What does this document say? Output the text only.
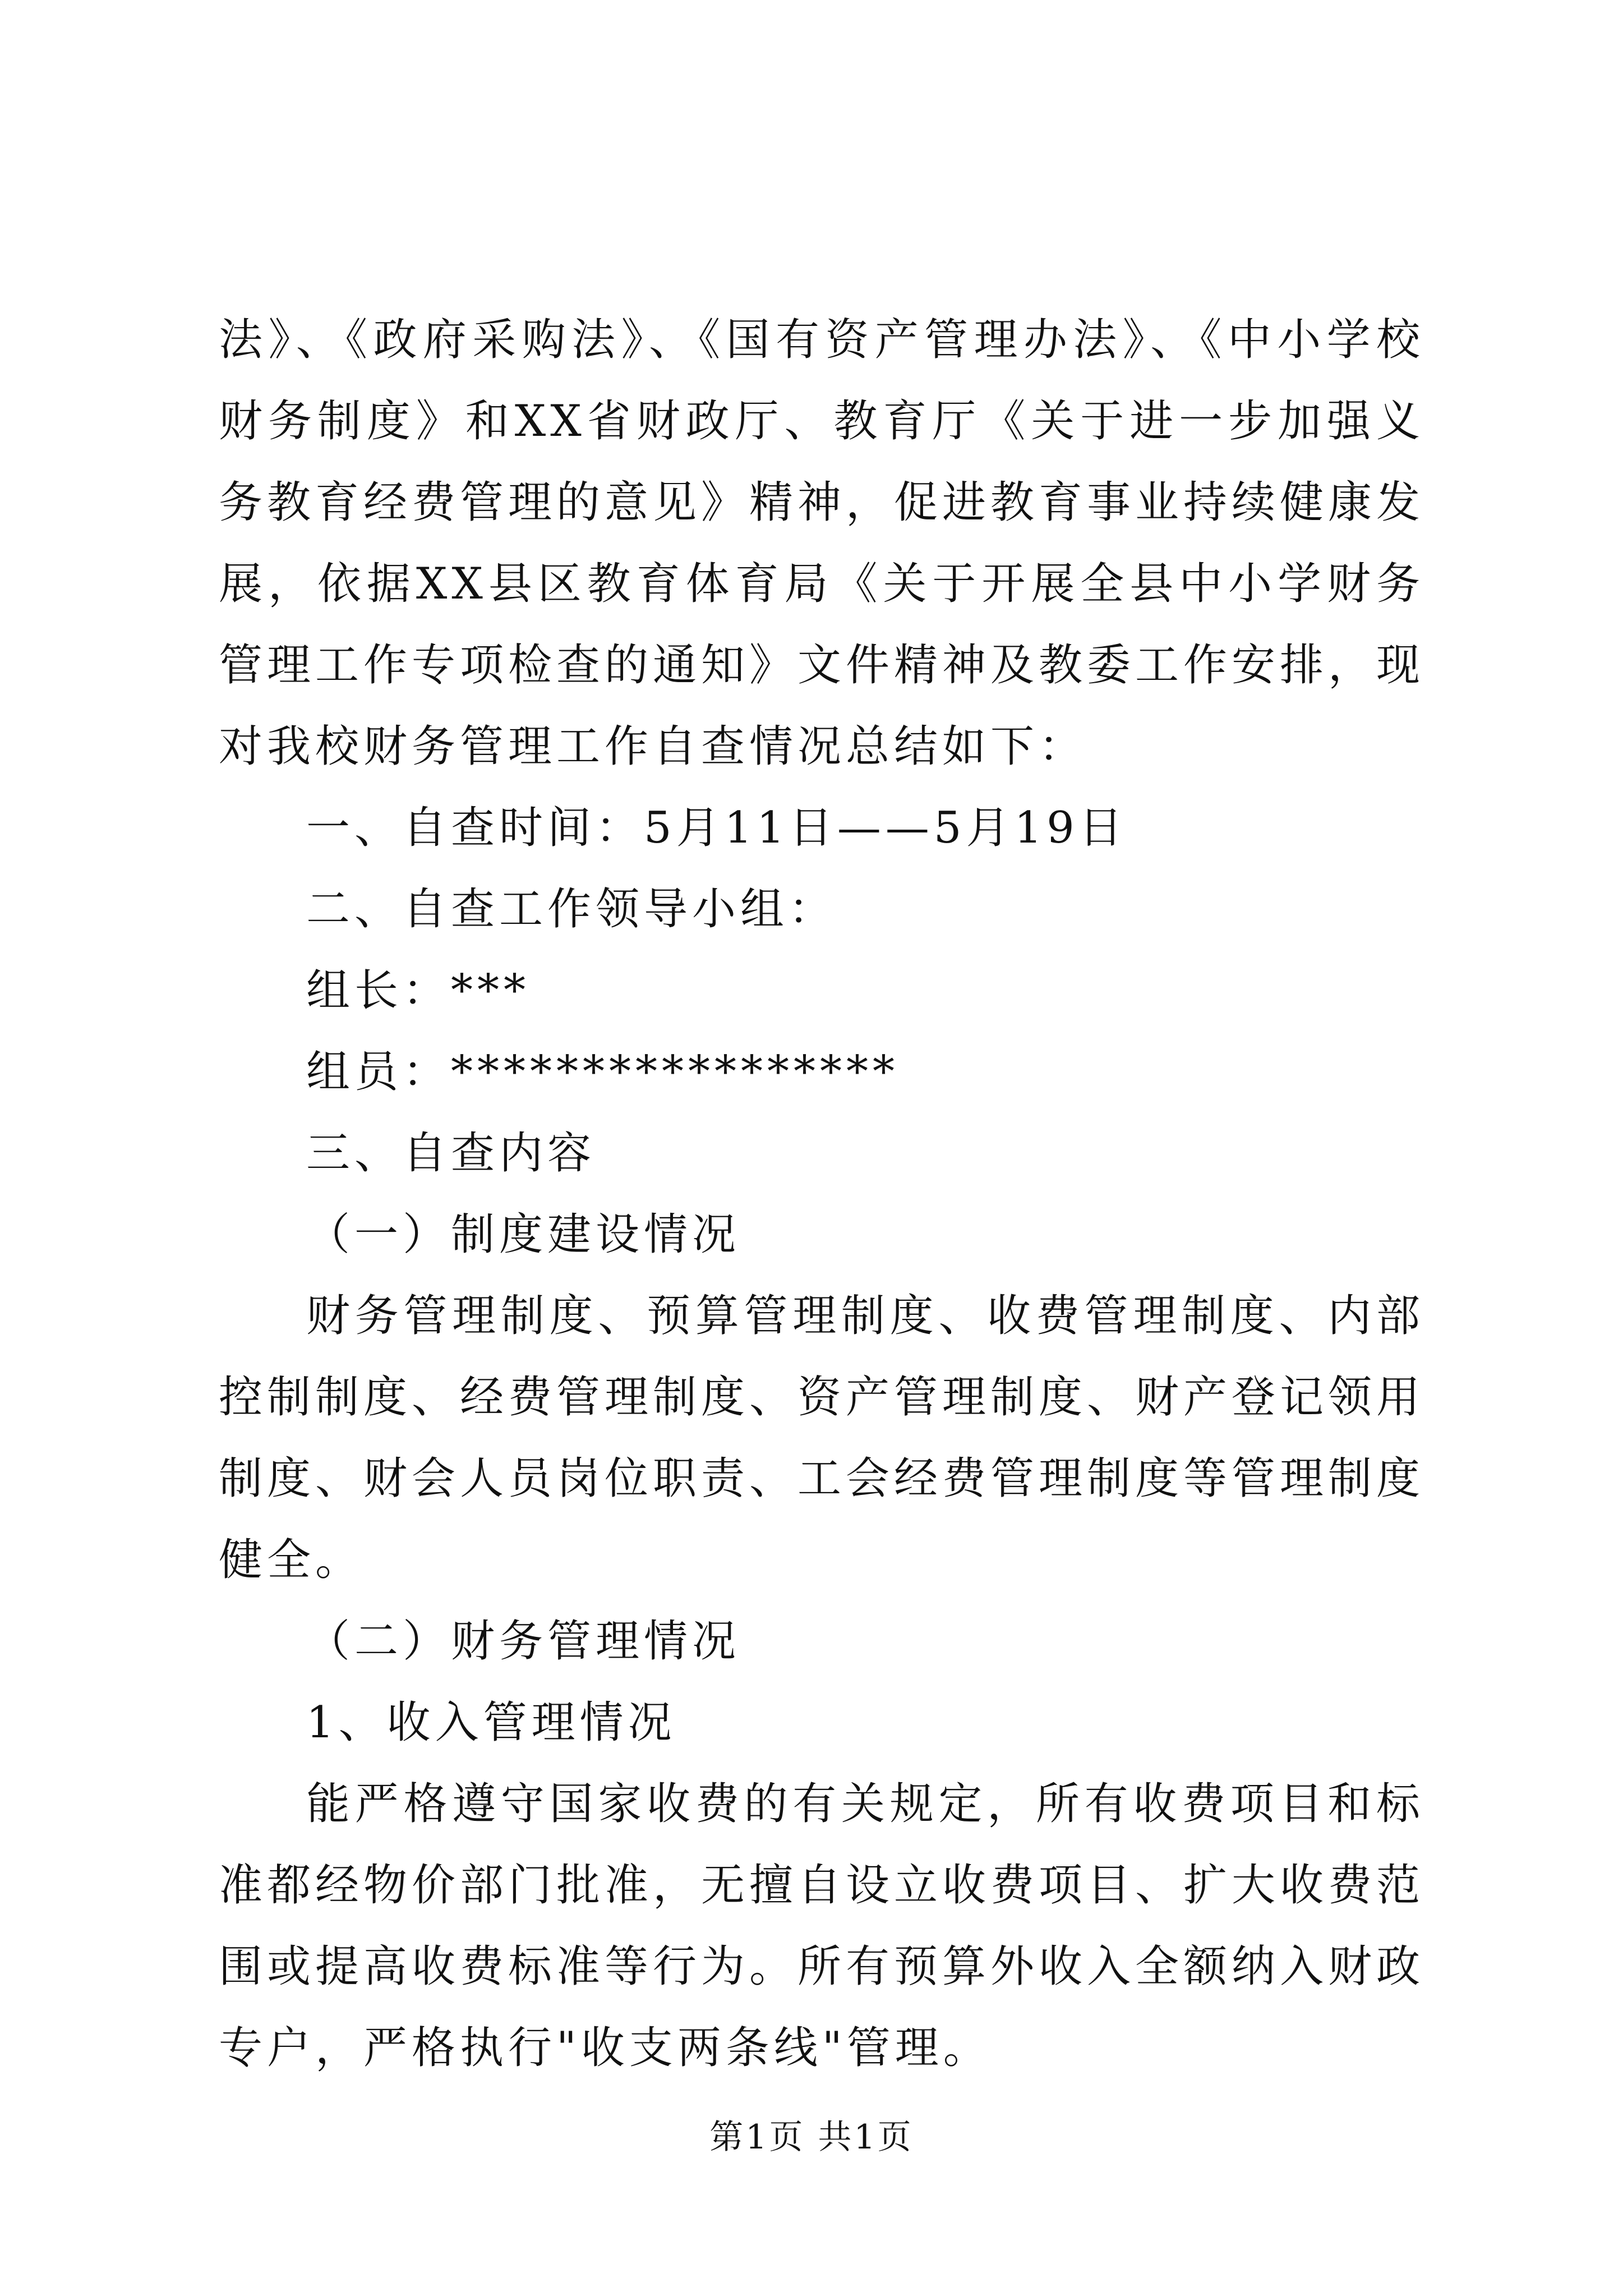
法》、《政府采购法》、《国有资产管理办法》、《中小学校财务制度》和XX省财政厅、教育厅《关于进一步加强义务教育经费管理的意见》精神，促进教育事业持续健康发展，依据XX县区教育体育局《关于开展全县中小学财务管理工作专项检查的通知》文件精神及教委工作安排，现对我校财务管理工作自查情况总结如下：

一、自查时间：5月11日——5月19日

二、自查工作领导小组：

组长：***

组员：*****************

三、自查内容

（一）制度建设情况

财务管理制度、预算管理制度、收费管理制度、内部控制制度、经费管理制度、资产管理制度、财产登记领用制度、财会人员岗位职责、工会经费管理制度等管理制度健全。

（二）财务管理情况

1、收入管理情况

能严格遵守国家收费的有关规定，所有收费项目和标准都经物价部门批准，无擅自设立收费项目、扩大收费范围或提高收费标准等行为。所有预算外收入全额纳入财政专户，严格执行"收支两条线"管理。

第1页 共1页
